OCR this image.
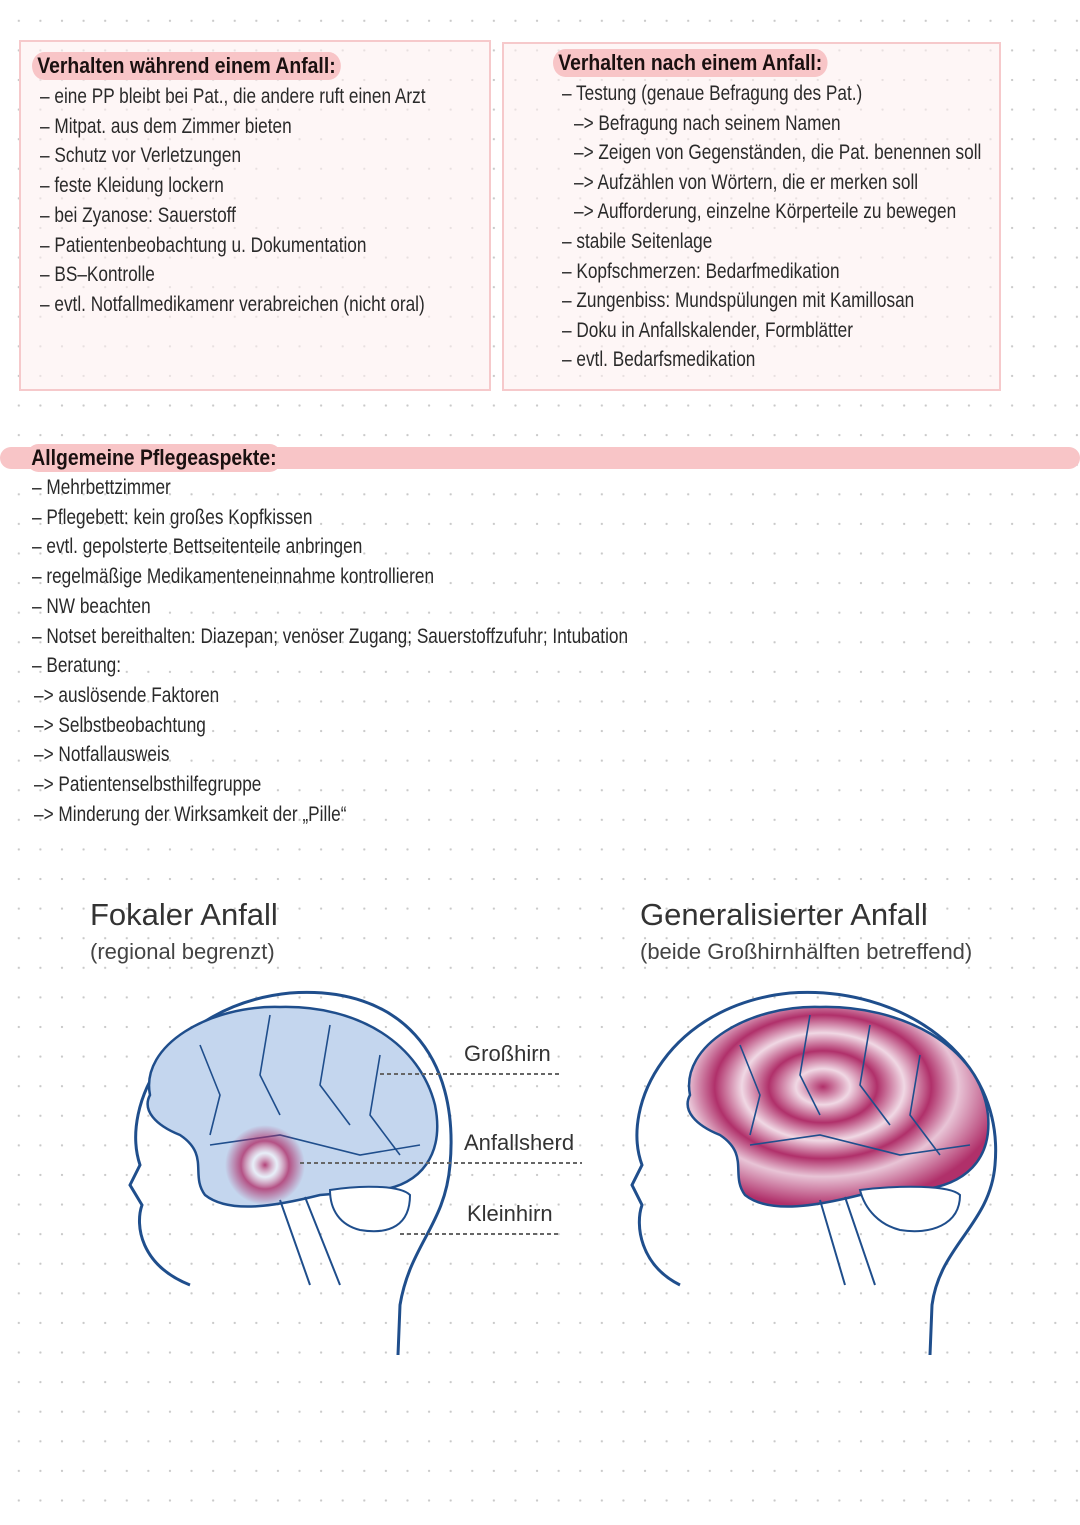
Verhalten während einem Anfall:
– eine PP bleibt bei Pat., die andere ruft einen Arzt
– Mitpat. aus dem Zimmer bieten
– Schutz vor Verletzungen
– feste Kleidung lockern
– bei Zyanose: Sauerstoff
– Patientenbeobachtung u. Dokumentation
– BS–Kontrolle
– evtl. Notfallmedikamenr verabreichen (nicht oral)
Verhalten nach einem Anfall:
– Testung (genaue Befragung des Pat.)
–> Befragung nach seinem Namen
–> Zeigen von Gegenständen, die Pat. benennen soll
–> Aufzählen von Wörtern, die er merken soll
–> Aufforderung, einzelne Körperteile zu bewegen
– stabile Seitenlage
– Kopfschmerzen: Bedarfmedikation
– Zungenbiss: Mundspülungen mit Kamillosan
– Doku in Anfallskalender, Formblätter
– evtl. Bedarfsmedikation
Allgemeine Pflegeaspekte:
– Mehrbettzimmer
– Pflegebett: kein großes Kopfkissen
– evtl. gepolsterte Bettseitenteile anbringen
– regelmäßige Medikamenteneinnahme kontrollieren
– NW beachten
– Notset bereithalten: Diazepan; venöser Zugang; Sauerstoffzufuhr; Intubation
– Beratung:
–> auslösende Faktoren
–> Selbstbeobachtung
–> Notfallausweis
–> Patientenselbsthilfegruppe
–> Minderung der Wirksamkeit der „Pille“
Fokaler Anfall
(regional begrenzt)
Generalisierter Anfall
(beide Großhirnhälften betreffend)
Großhirn
Anfallsherd
Kleinhirn
